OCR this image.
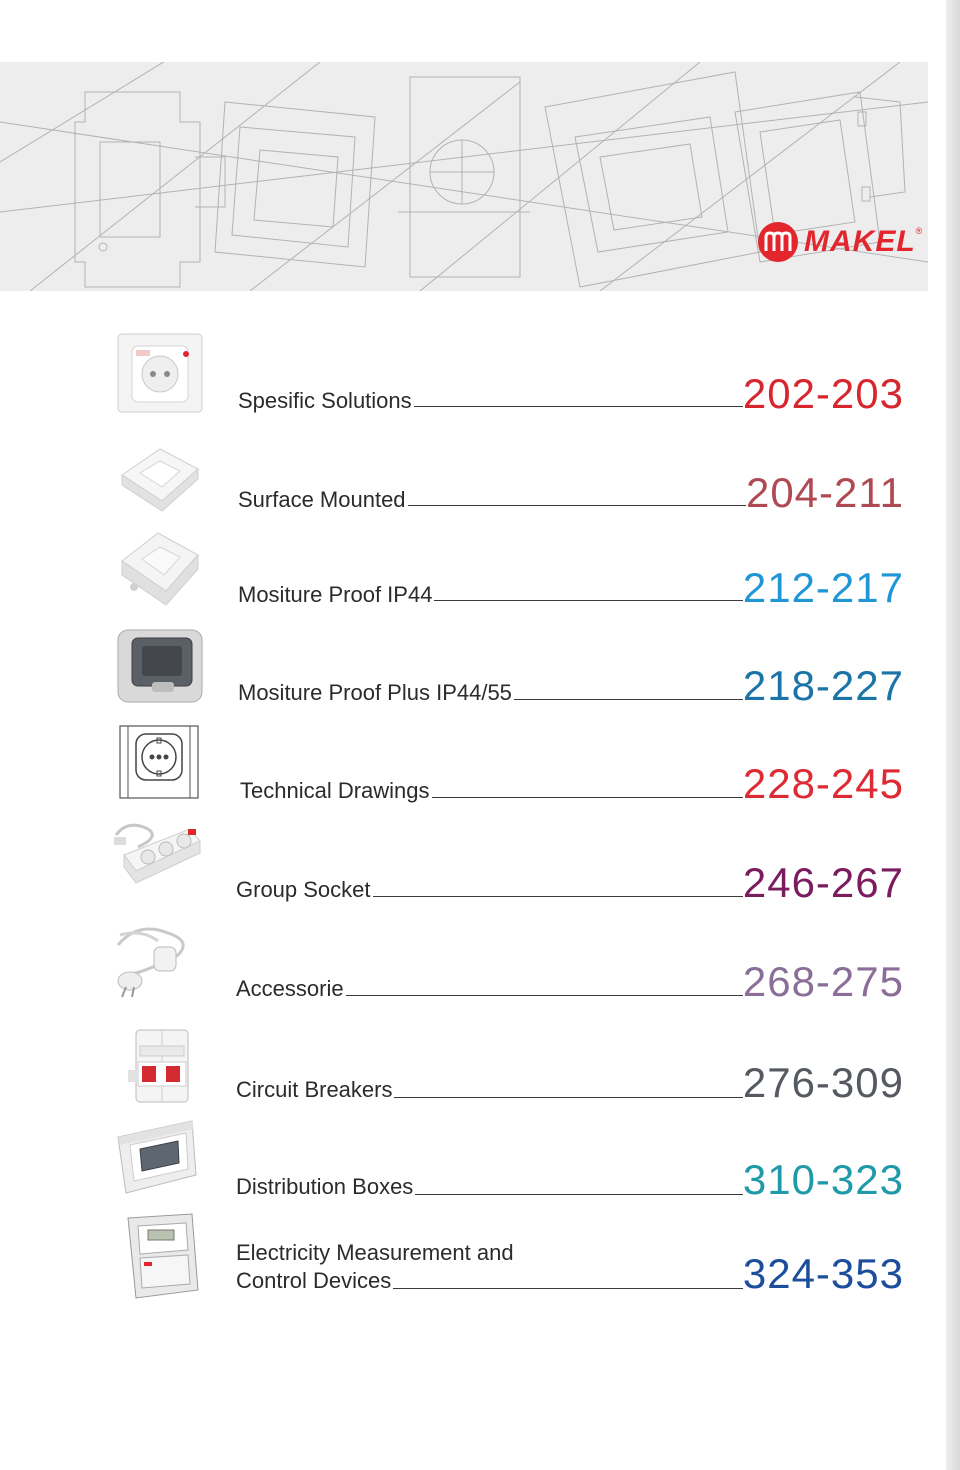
MAKEL ®
Spesific Solutions	202-203
Surface Mounted	204-211
Mositure Proof IP44	212-217
Mositure Proof Plus IP44/55	218-227
Technical Drawings	228-245
Group Socket	246-267
Accessorie	268-275
Circuit Breakers	276-309
Distribution Boxes	310-323
Electricity Measurement and
Control Devices	324-353
